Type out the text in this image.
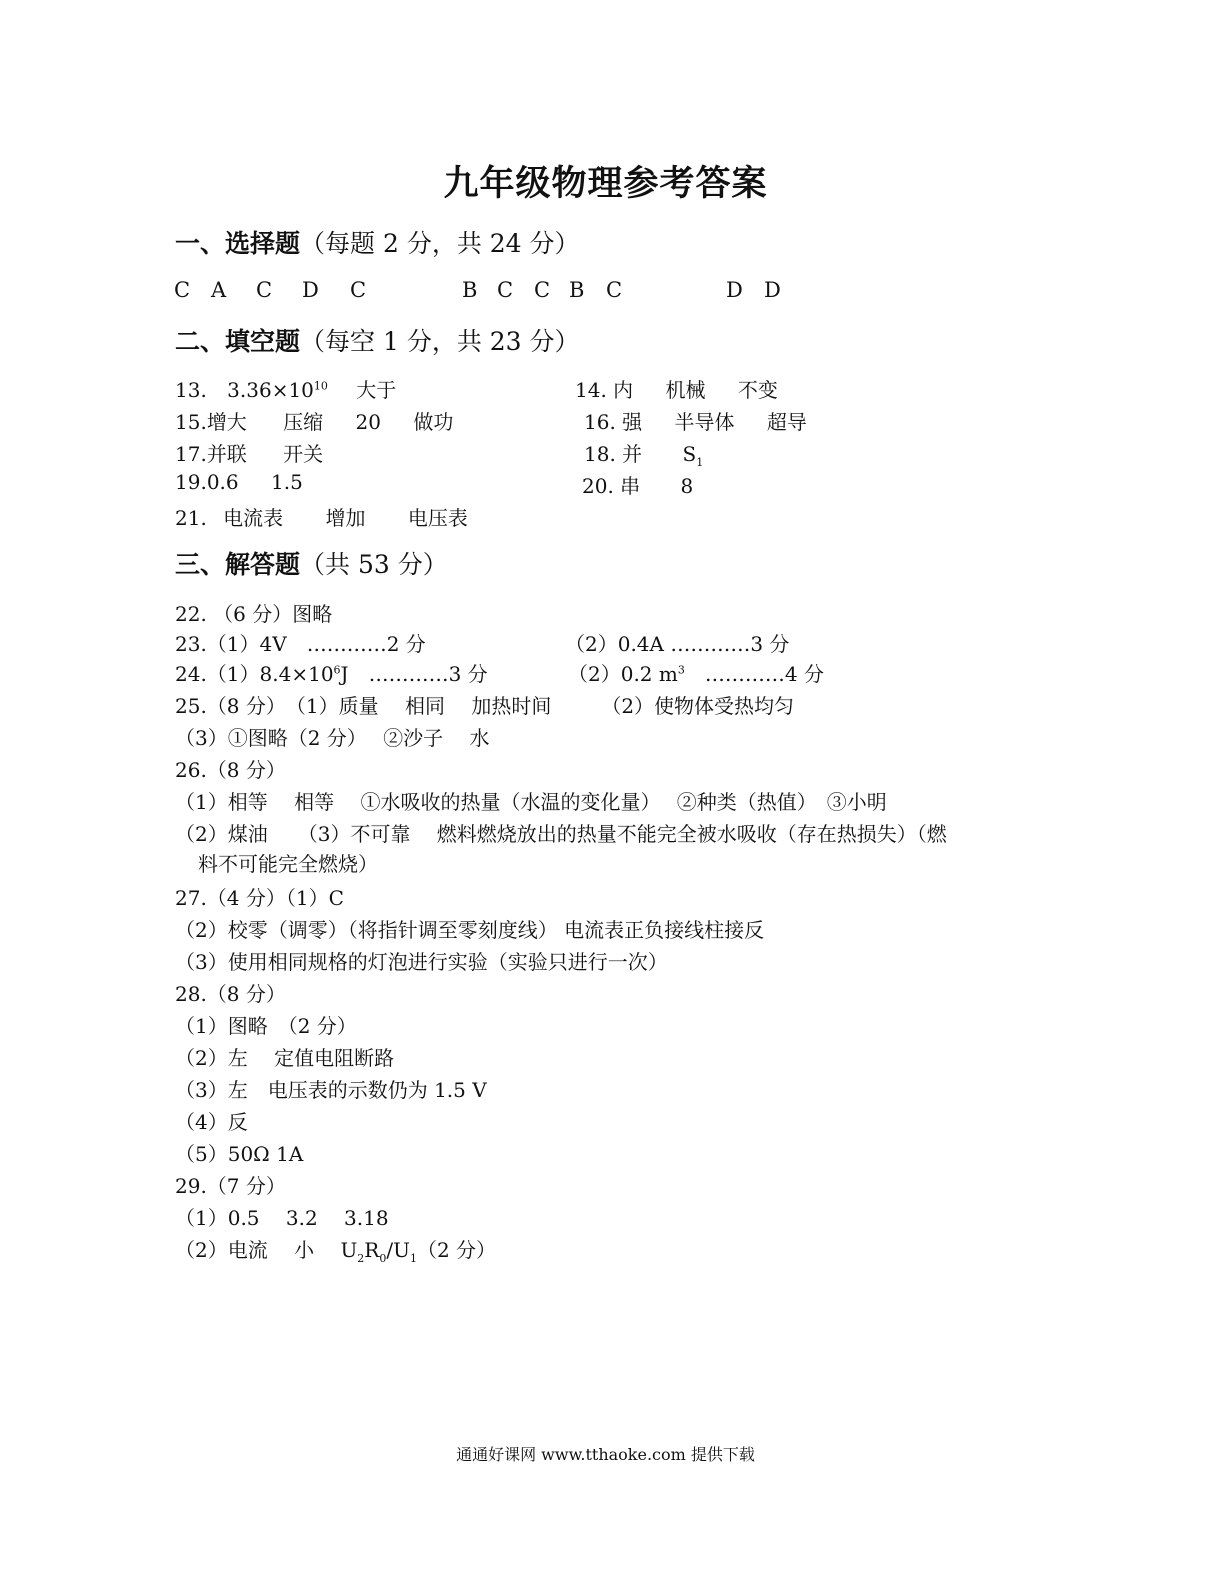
九年级物理参考答案
一、选择题（每题 2 分，共 24 分）
C A C D C	B C C B C	D D
二、填空题（每空 1 分，共 23 分）
13. $3.36\times 10^{10}$ 大于	14. 内 机械 不变
15.增大 压缩 20 做功	16. 强 半导体 超导
17.并联 开关	18. 并 $S_1$
19.0.6 1.5	20. 串 8
21. 电流表 增加 电压表
三、解答题（共 53 分）
22. （6 分）图略
23.（1）4V　…………2 分	（2）0.4A …………3 分
$24.(1)8.4\times 10^6J$　…………3 分	（2）0.2 $m^3$　…………4 分
25.（8 分）　（1）质量　 相同　 加热时间　　　（2）使物体受热均匀
（3）①图略（2 分）　 ②沙子　 水
26.（8 分）
（1）相等　 相等　 ①水吸收的热量（水温的变化量）　 ②种类（热值）　③小明
（2）煤油　　（3）不可靠　 燃料燃烧放出的热量不能完全被水吸收（存在热损失）（燃
料不可能完全燃烧）
27.（4 分）（1）C
（2）校零（调零）（将指针调至零刻度线） 电流表正负接线柱接反
（3）使用相同规格的灯泡进行实验（实验只进行一次）
28.（8 分）
（1）图略　（2 分）
（2）左　 定值电阻断路
（3）左　电压表的示数仍为 1.5 V
（4）反
（5）50Ω 1A
29.（7 分）
（1）0.5　 3.2　 3.18
（2）电流　 小　 $U_2R_0/U_1(2$ 分）
通通好课网 www.tthaoke.com 提供下载
